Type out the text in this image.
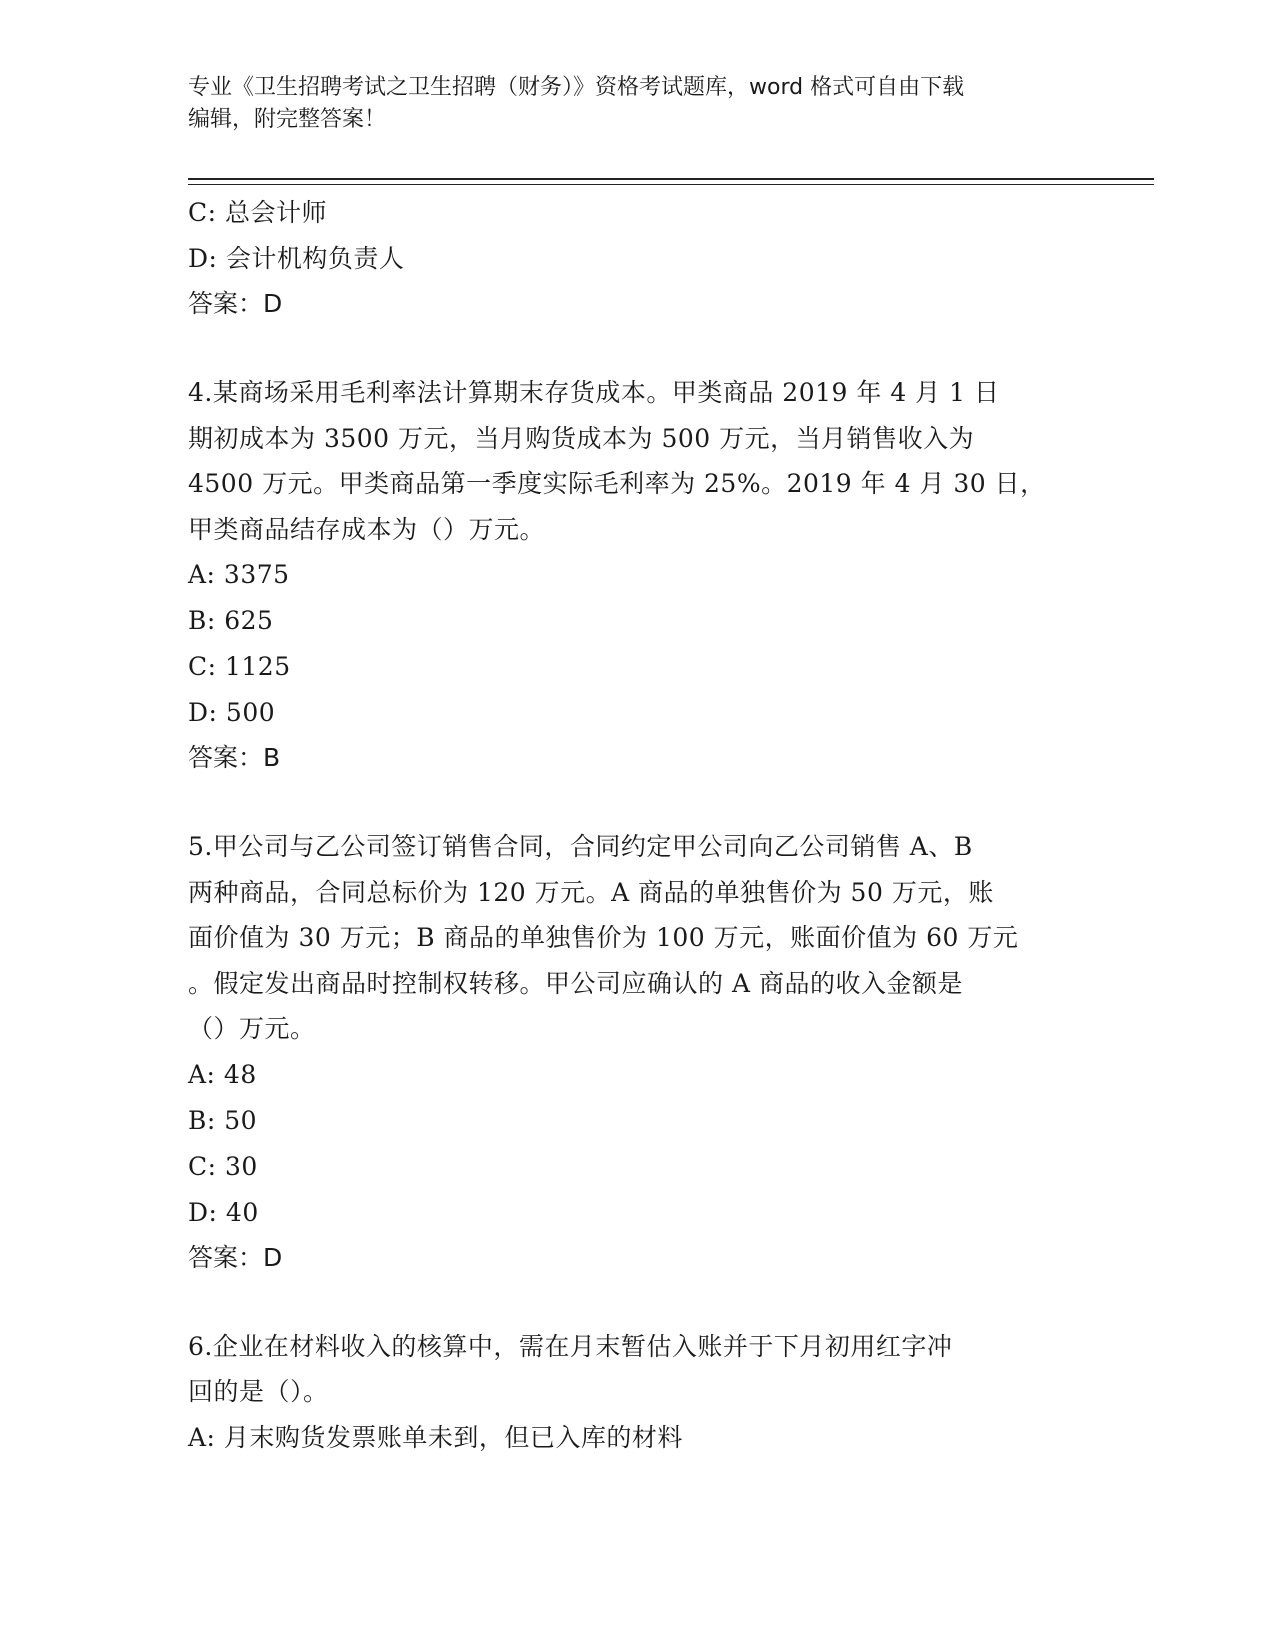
专业《卫生招聘考试之卫生招聘（财务）》资格考试题库，word 格式可自由下载
编辑，附完整答案！
C: 总会计师
D: 会计机构负责人
答案：D
4.某商场采用毛利率法计算期末存货成本。甲类商品 2019 年 4 月 1 日
期初成本为 3500 万元，当月购货成本为 500 万元，当月销售收入为
4500 万元。甲类商品第一季度实际毛利率为 25%。2019 年 4 月 30 日，
甲类商品结存成本为（）万元。
A: 3375
B: 625
C: 1125
D: 500
答案：B
5.甲公司与乙公司签订销售合同，合同约定甲公司向乙公司销售 A、B
两种商品，合同总标价为 120 万元。A 商品的单独售价为 50 万元，账
面价值为 30 万元；B 商品的单独售价为 100 万元，账面价值为 60 万元
。假定发出商品时控制权转移。甲公司应确认的 A 商品的收入金额是
（）万元。
A: 48
B: 50
C: 30
D: 40
答案：D
6.企业在材料收入的核算中，需在月末暂估入账并于下月初用红字冲
回的是（）。
A: 月末购货发票账单未到，但已入库的材料
